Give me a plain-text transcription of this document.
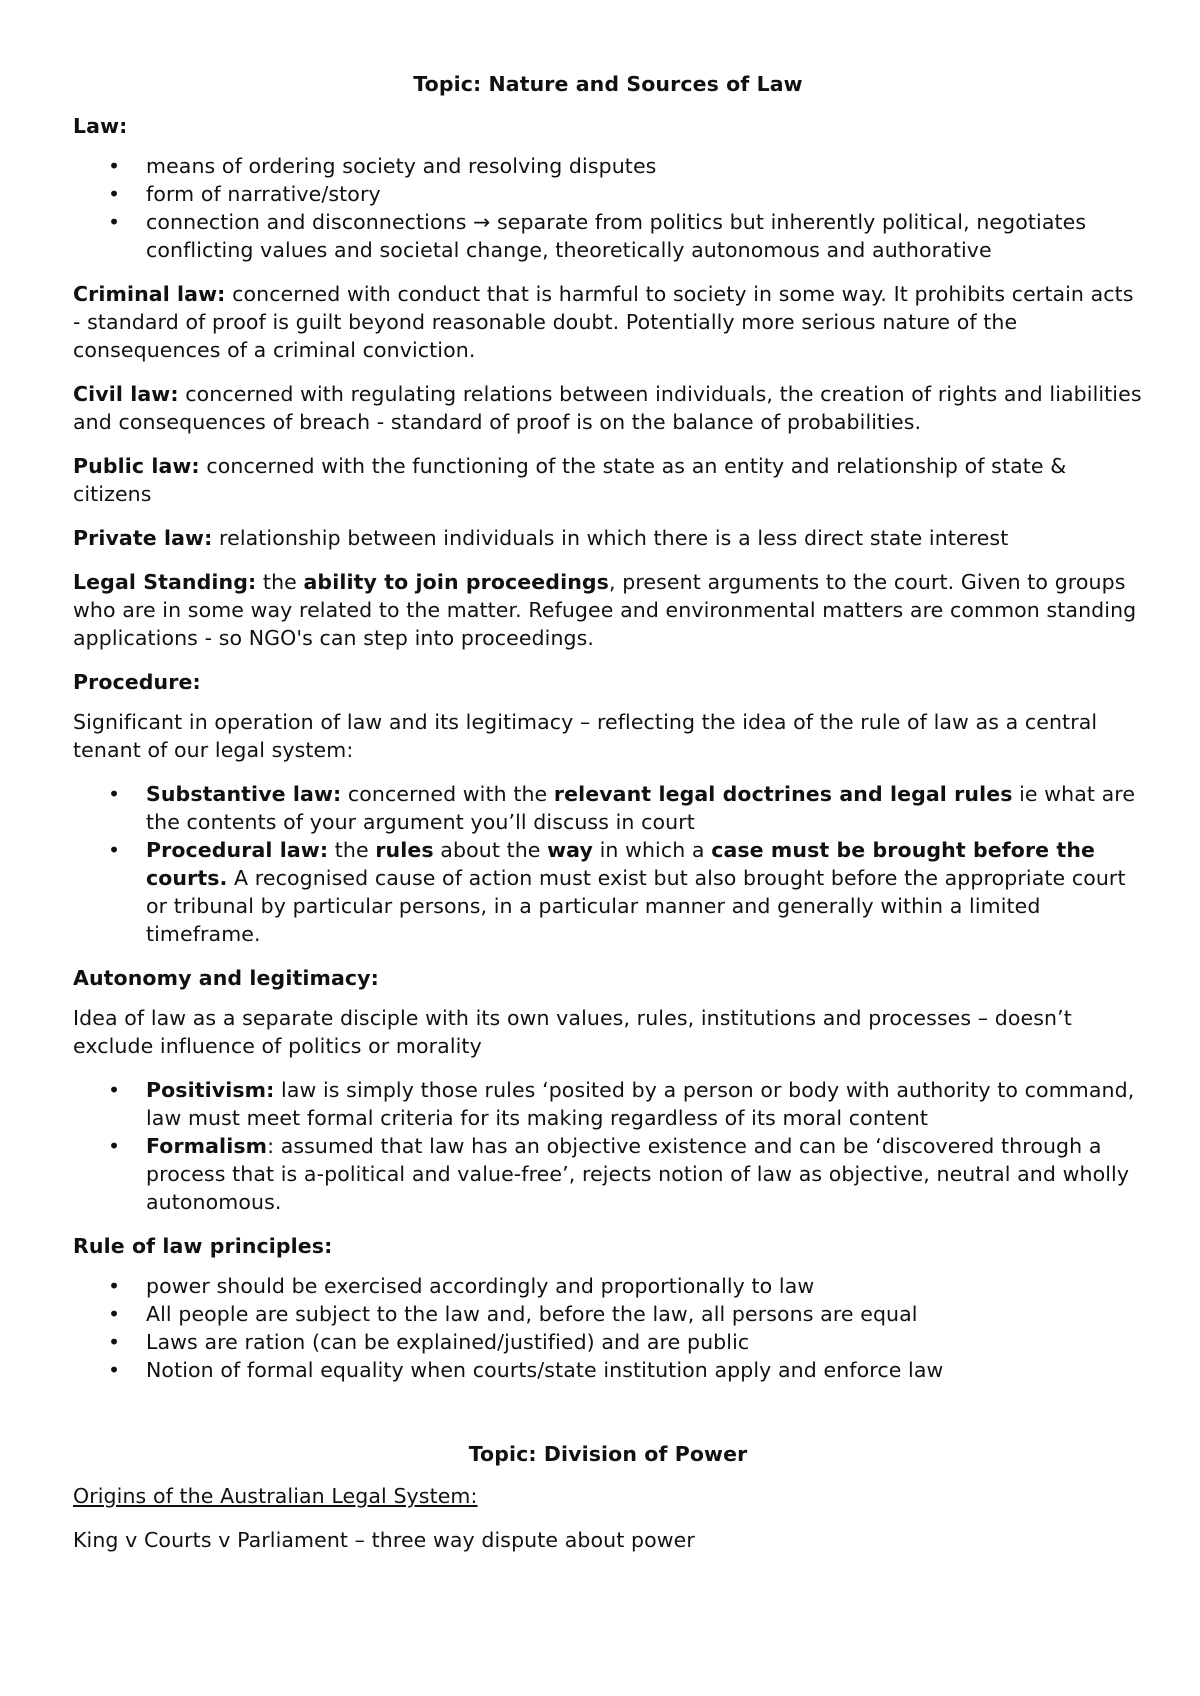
Topic: Nature and Sources of Law
Law:
• means of ordering society and resolving disputes
• form of narrative/story
• connection and disconnections → separate from politics but inherently political, negotiates conflicting values and societal change, theoretically autonomous and authorative
Criminal law: concerned with conduct that is harmful to society in some way. It prohibits certain acts - standard of proof is guilt beyond reasonable doubt. Potentially more serious nature of the consequences of a criminal conviction.
Civil law: concerned with regulating relations between individuals, the creation of rights and liabilities and consequences of breach - standard of proof is on the balance of probabilities.
Public law: concerned with the functioning of the state as an entity and relationship of state & citizens
Private law: relationship between individuals in which there is a less direct state interest
Legal Standing: the ability to join proceedings, present arguments to the court. Given to groups who are in some way related to the matter. Refugee and environmental matters are common standing applications - so NGO's can step into proceedings.
Procedure:
Significant in operation of law and its legitimacy – reflecting the idea of the rule of law as a central tenant of our legal system:
• Substantive law: concerned with the relevant legal doctrines and legal rules ie what are the contents of your argument you’ll discuss in court
• Procedural law: the rules about the way in which a case must be brought before the courts. A recognised cause of action must exist but also brought before the appropriate court or tribunal by particular persons, in a particular manner and generally within a limited timeframe.
Autonomy and legitimacy:
Idea of law as a separate disciple with its own values, rules, institutions and processes – doesn’t exclude influence of politics or morality
• Positivism: law is simply those rules ‘posited by a person or body with authority to command, law must meet formal criteria for its making regardless of its moral content
• Formalism: assumed that law has an objective existence and can be ‘discovered through a process that is a-political and value-free’, rejects notion of law as objective, neutral and wholly autonomous.
Rule of law principles:
• power should be exercised accordingly and proportionally to law
• All people are subject to the law and, before the law, all persons are equal
• Laws are ration (can be explained/justified) and are public
• Notion of formal equality when courts/state institution apply and enforce law
Topic: Division of Power
Origins of the Australian Legal System:
King v Courts v Parliament – three way dispute about power
